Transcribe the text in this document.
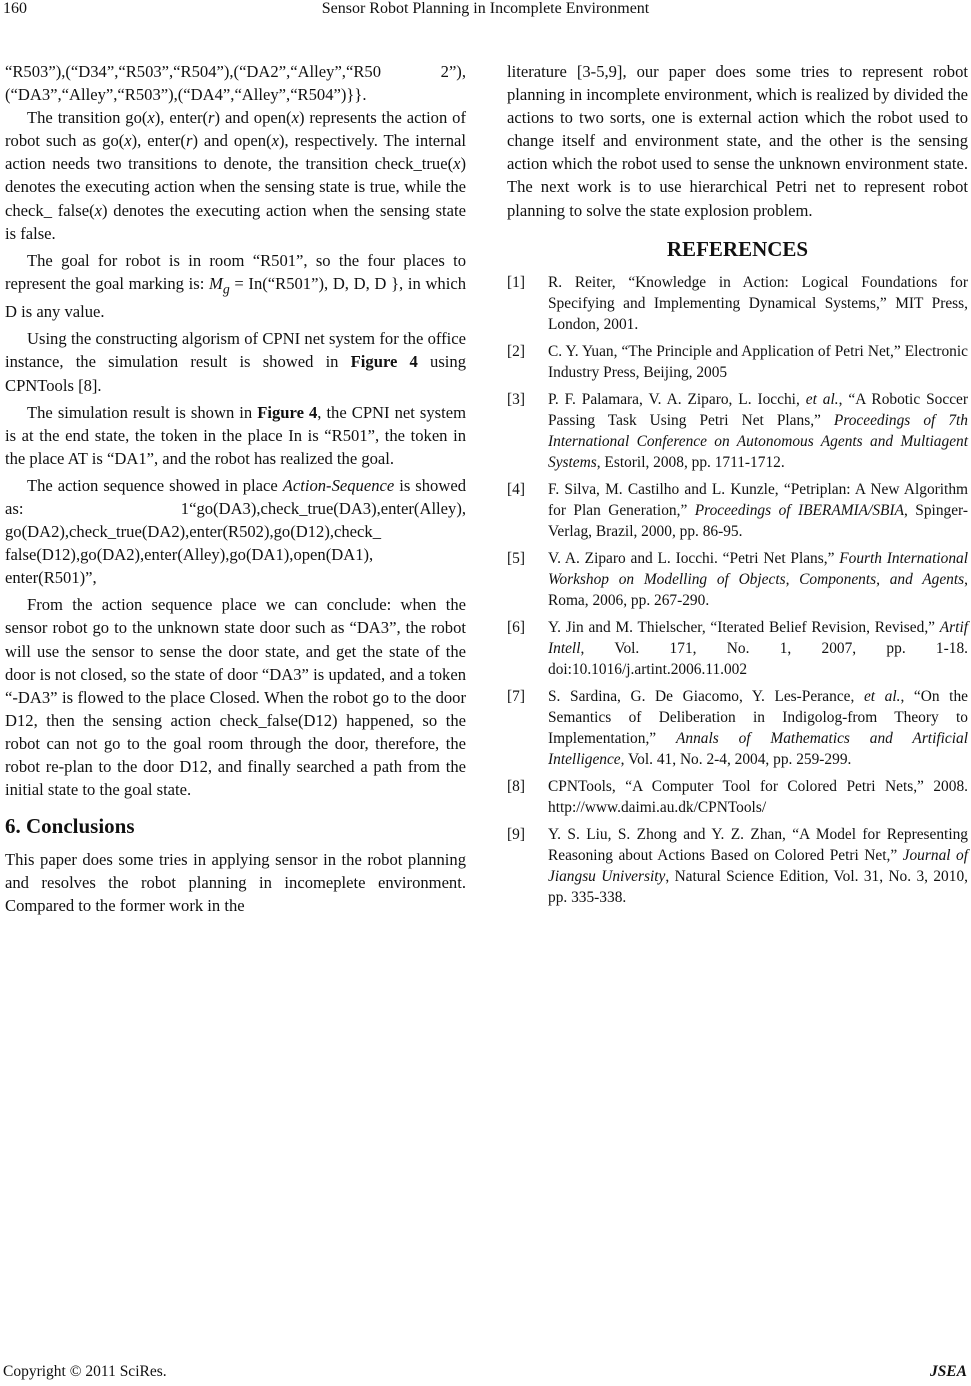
Sensor Robot Planning in Incomplete Environment
160

“R503”),(“D34”,“R503”,“R504”),(“DA2”,“Alley”,“R50 2”),(“DA3”,“Alley”,“R503”),(“DA4”,“Alley”,“R504”)}}.

The transition go(x), enter(r) and open(x) represents the action of robot such as go(x), enter(r) and open(x), respectively. The internal action needs two transitions to denote, the transition check_true(x) denotes the executing action when the sensing state is true, while the check_ false(x) denotes the executing action when the sensing state is false.

The goal for robot is in room “R501”, so the four places to represent the goal marking is: $M_g$ = In(“R501”), D, D, D }, in which D is any value.

Using the constructing algorism of CPNI net system for the office instance, the simulation result is showed in Figure 4 using CPNTools [8].

The simulation result is shown in Figure 4, the CPNI net system is at the end state, the token in the place In is “R501”, the token in the place AT is “DA1”, and the robot has realized the goal.

The action sequence showed in place Action-Sequence is showed as: 1“go(DA3),check_true(DA3),enter(Alley), go(DA2),check_true(DA2),enter(R502),go(D12),check_ false(D12),go(DA2),enter(Alley),go(DA1),open(DA1), enter(R501)”,

From the action sequence place we can conclude: when the sensor robot go to the unknown state door such as “DA3”, the robot will use the sensor to sense the door state, and get the state of the door is not closed, so the state of door “DA3” is updated, and a token “-DA3” is flowed to the place Closed. When the robot go to the door D12, then the sensing action check_false(D12) happened, so the robot can not go to the goal room through the door, therefore, the robot re-plan to the door D12, and finally searched a path from the initial state to the goal state.

6. Conclusions

This paper does some tries in applying sensor in the robot planning and resolves the robot planning in incomeplete environment. Compared to the former work in the

literature [3-5,9], our paper does some tries to represent robot planning in incomplete environment, which is realized by divided the actions to two sorts, one is external action which the robot used to change itself and environment state, and the other is the sensing action which the robot used to sense the unknown environment state. The next work is to use hierarchical Petri net to represent robot planning to solve the state explosion problem.

REFERENCES
[1]	R. Reiter, “Knowledge in Action: Logical Foundations for Specifying and Implementing Dynamical Systems,” MIT Press, London, 2001.
[2]	C. Y. Yuan, “The Principle and Application of Petri Net,” Electronic Industry Press, Beijing, 2005
[3]	P. F. Palamara, V. A. Ziparo, L. Iocchi, et al., “A Robotic Soccer Passing Task Using Petri Net Plans,” Proceedings of 7th International Conference on Autonomous Agents and Multiagent Systems, Estoril, 2008, pp. 1711-1712.
[4]	F. Silva, M. Castilho and L. Kunzle, “Petriplan: A New Algorithm for Plan Generation,” Proceedings of IBERAMIA/SBIA, Spinger-Verlag, Brazil, 2000, pp. 86-95.
[5]	V. A. Ziparo and L. Iocchi. “Petri Net Plans,” Fourth International Workshop on Modelling of Objects, Components, and Agents, Roma, 2006, pp. 267-290.
[6]	Y. Jin and M. Thielscher, “Iterated Belief Revision, Revised,” Artif Intell, Vol. 171, No. 1, 2007, pp. 1-18. doi:10.1016/j.artint.2006.11.002
[7]	S. Sardina, G. De Giacomo, Y. Les-Perance, et al., “On the Semantics of Deliberation in Indigolog-from Theory to Implementation,” Annals of Mathematics and Artificial Intelligence, Vol. 41, No. 2-4, 2004, pp. 259-299.
[8]	CPNTools, “A Computer Tool for Colored Petri Nets,” 2008. http://www.daimi.au.dk/CPNTools/
[9]	Y. S. Liu, S. Zhong and Y. Z. Zhan, “A Model for Representing Reasoning about Actions Based on Colored Petri Net,” Journal of Jiangsu University, Natural Science Edition, Vol. 31, No. 3, 2010, pp. 335-338.
Copyright © 2011 SciRes.	JSEA
